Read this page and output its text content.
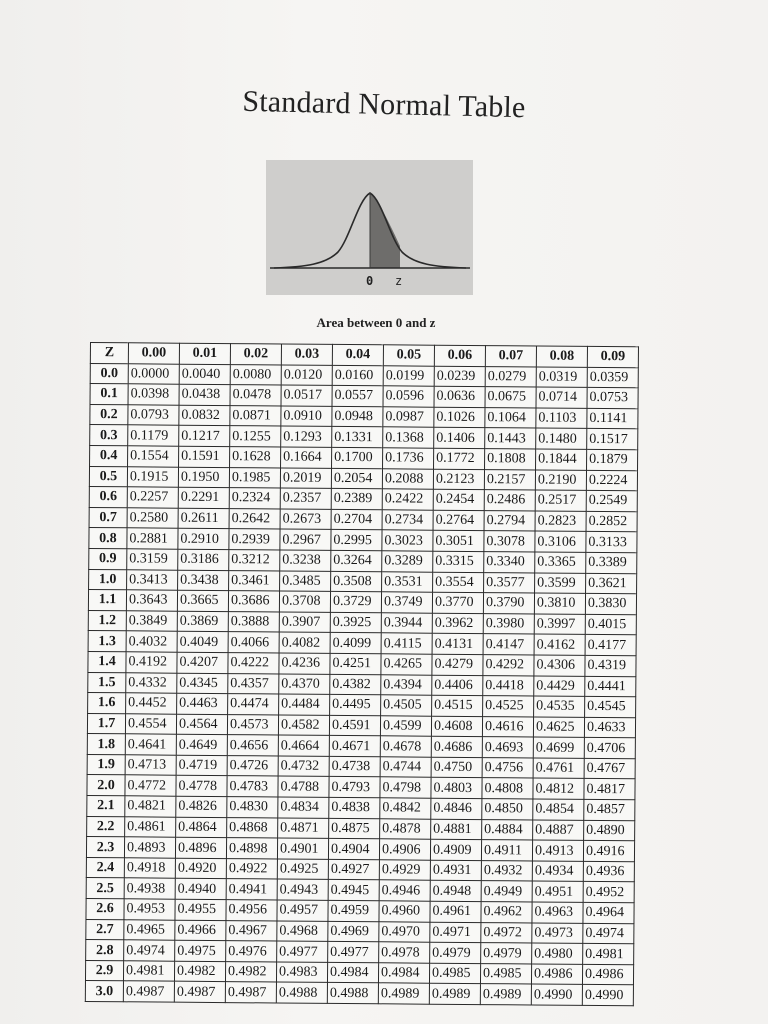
Standard Normal Table
0 z
Area between 0 and z
Z	0.00	0.01	0.02	0.03	0.04	0.05	0.06	0.07	0.08	0.09
0.0	0.0000	0.0040	0.0080	0.0120	0.0160	0.0199	0.0239	0.0279	0.0319	0.0359
0.1	0.0398	0.0438	0.0478	0.0517	0.0557	0.0596	0.0636	0.0675	0.0714	0.0753
0.2	0.0793	0.0832	0.0871	0.0910	0.0948	0.0987	0.1026	0.1064	0.1103	0.1141
0.3	0.1179	0.1217	0.1255	0.1293	0.1331	0.1368	0.1406	0.1443	0.1480	0.1517
0.4	0.1554	0.1591	0.1628	0.1664	0.1700	0.1736	0.1772	0.1808	0.1844	0.1879
0.5	0.1915	0.1950	0.1985	0.2019	0.2054	0.2088	0.2123	0.2157	0.2190	0.2224
0.6	0.2257	0.2291	0.2324	0.2357	0.2389	0.2422	0.2454	0.2486	0.2517	0.2549
0.7	0.2580	0.2611	0.2642	0.2673	0.2704	0.2734	0.2764	0.2794	0.2823	0.2852
0.8	0.2881	0.2910	0.2939	0.2967	0.2995	0.3023	0.3051	0.3078	0.3106	0.3133
0.9	0.3159	0.3186	0.3212	0.3238	0.3264	0.3289	0.3315	0.3340	0.3365	0.3389
1.0	0.3413	0.3438	0.3461	0.3485	0.3508	0.3531	0.3554	0.3577	0.3599	0.3621
1.1	0.3643	0.3665	0.3686	0.3708	0.3729	0.3749	0.3770	0.3790	0.3810	0.3830
1.2	0.3849	0.3869	0.3888	0.3907	0.3925	0.3944	0.3962	0.3980	0.3997	0.4015
1.3	0.4032	0.4049	0.4066	0.4082	0.4099	0.4115	0.4131	0.4147	0.4162	0.4177
1.4	0.4192	0.4207	0.4222	0.4236	0.4251	0.4265	0.4279	0.4292	0.4306	0.4319
1.5	0.4332	0.4345	0.4357	0.4370	0.4382	0.4394	0.4406	0.4418	0.4429	0.4441
1.6	0.4452	0.4463	0.4474	0.4484	0.4495	0.4505	0.4515	0.4525	0.4535	0.4545
1.7	0.4554	0.4564	0.4573	0.4582	0.4591	0.4599	0.4608	0.4616	0.4625	0.4633
1.8	0.4641	0.4649	0.4656	0.4664	0.4671	0.4678	0.4686	0.4693	0.4699	0.4706
1.9	0.4713	0.4719	0.4726	0.4732	0.4738	0.4744	0.4750	0.4756	0.4761	0.4767
2.0	0.4772	0.4778	0.4783	0.4788	0.4793	0.4798	0.4803	0.4808	0.4812	0.4817
2.1	0.4821	0.4826	0.4830	0.4834	0.4838	0.4842	0.4846	0.4850	0.4854	0.4857
2.2	0.4861	0.4864	0.4868	0.4871	0.4875	0.4878	0.4881	0.4884	0.4887	0.4890
2.3	0.4893	0.4896	0.4898	0.4901	0.4904	0.4906	0.4909	0.4911	0.4913	0.4916
2.4	0.4918	0.4920	0.4922	0.4925	0.4927	0.4929	0.4931	0.4932	0.4934	0.4936
2.5	0.4938	0.4940	0.4941	0.4943	0.4945	0.4946	0.4948	0.4949	0.4951	0.4952
2.6	0.4953	0.4955	0.4956	0.4957	0.4959	0.4960	0.4961	0.4962	0.4963	0.4964
2.7	0.4965	0.4966	0.4967	0.4968	0.4969	0.4970	0.4971	0.4972	0.4973	0.4974
2.8	0.4974	0.4975	0.4976	0.4977	0.4977	0.4978	0.4979	0.4979	0.4980	0.4981
2.9	0.4981	0.4982	0.4982	0.4983	0.4984	0.4984	0.4985	0.4985	0.4986	0.4986
3.0	0.4987	0.4987	0.4987	0.4988	0.4988	0.4989	0.4989	0.4989	0.4990	0.4990
